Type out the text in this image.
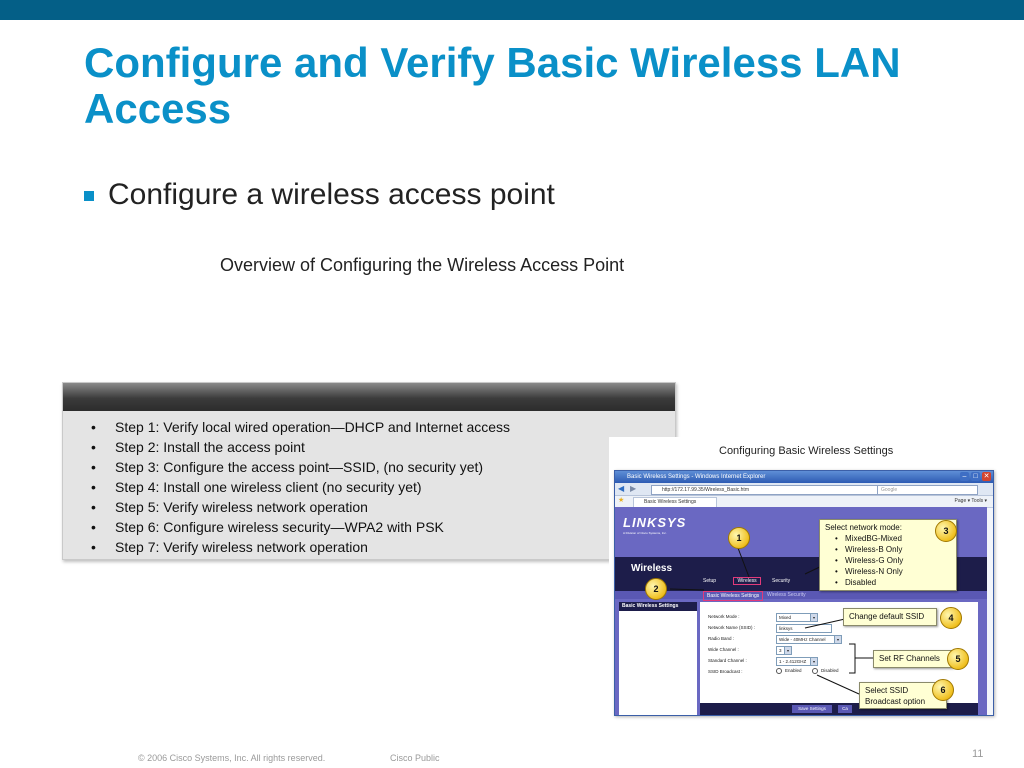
Configure and Verify Basic Wireless LAN Access
Configure a wireless access point
Overview of Configuring the Wireless Access Point
• Step 1: Verify local wired operation—DHCP and Internet access
• Step 2: Install the access point
• Step 3: Configure the access point—SSID, (no security yet)
• Step 4: Install one wireless client (no security yet)
• Step 5: Verify wireless network operation
• Step 6: Configure wireless security—WPA2 with PSK
• Step 7: Verify wireless network operation
Configuring Basic Wireless Settings
Basic Wireless Settings - Windows Internet Explorer	– □ ✕
◀ ▶	http://172.17.99.35/Wireless_Basic.htm	Google
★	Basic Wireless Settings	Page ▾ Tools ▾
LINKSYS
A Division of Cisco Systems, Inc.
Wireless
Setup	Wireless	Security
Basic Wireless Settings	Wireless Security
Basic Wireless Settings
Network Mode :	Mixed	▾
Network Name (SSID) :	linksys
Radio Band :	Wide - 40MHz Channel	▾
Wide Channel :	3	▾
Standard Channel :	1 - 2.412GHZ	▾
SSID Broadcast :	Enabled	Disabled
Save Settings	Ca
Select network mode:
• MixedBG-Mixed
• Wireless-B Only
• Wireless-G Only
• Wireless-N Only
• Disabled
Change default SSID
Set RF Channels
Select SSID
Broadcast option
1
2
3
4
5
6
© 2006 Cisco Systems, Inc. All rights reserved.	Cisco Public	11
